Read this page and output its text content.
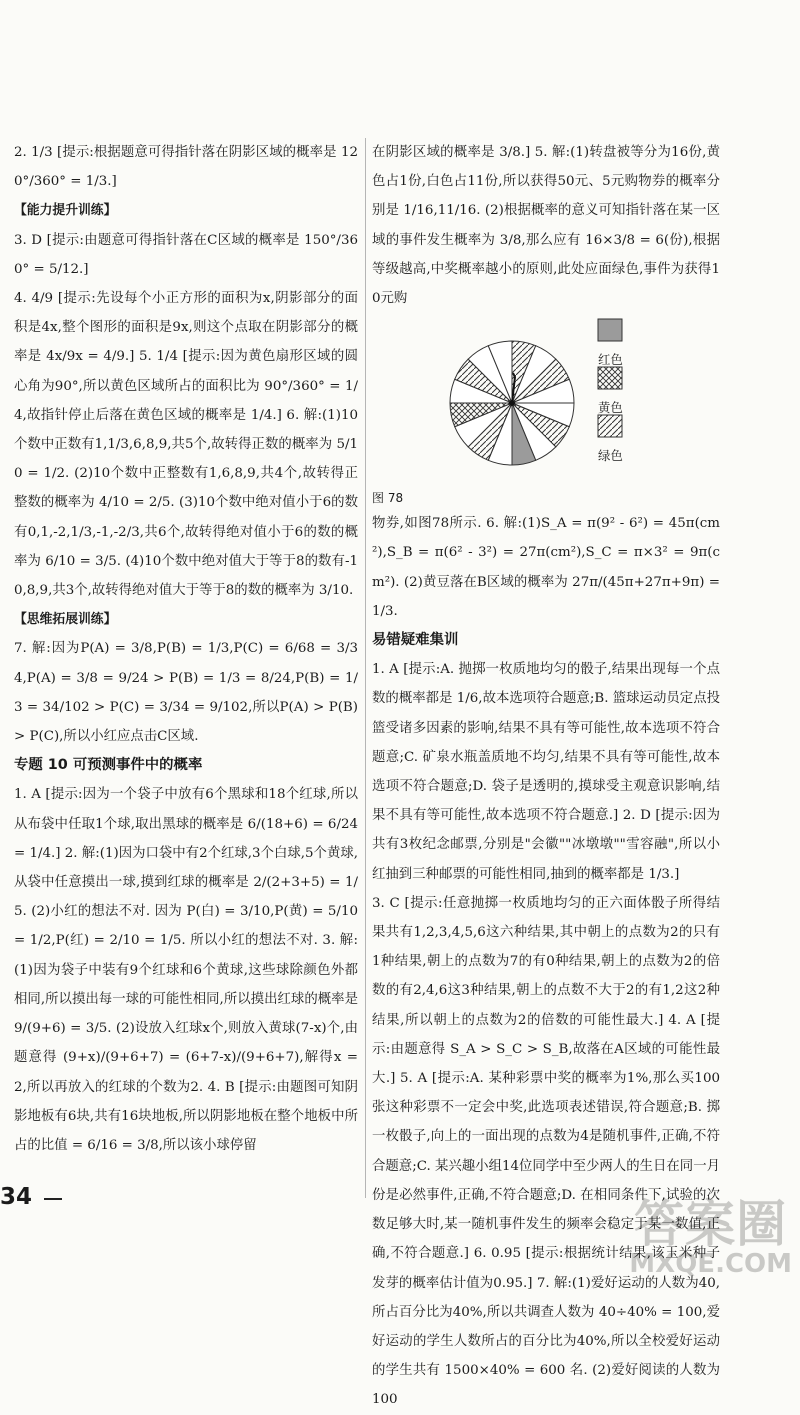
2. 1/3 [提示:根据题意可得指针落在阴影区域的概率是 120°/360° = 1/3.]

【能力提升训练】

3. D [提示:由题意可得指针落在C区域的概率是 150°/360° = 5/12.]

4. 4/9 [提示:先设每个小正方形的面积为x,阴影部分的面积是4x,整个图形的面积是9x,则这个点取在阴影部分的概率是 4x/9x = 4/9.] 5. 1/4 [提示:因为黄色扇形区域的圆心角为90°,所以黄色区域所占的面积比为 90°/360° = 1/4,故指针停止后落在黄色区域的概率是 1/4.] 6. 解:(1)10个数中正数有1,1/3,6,8,9,共5个,故转得正数的概率为 5/10 = 1/2. (2)10个数中正整数有1,6,8,9,共4个,故转得正整数的概率为 4/10 = 2/5. (3)10个数中绝对值小于6的数有0,1,-2,1/3,-1,-2/3,共6个,故转得绝对值小于6的数的概率为 6/10 = 3/5. (4)10个数中绝对值大于等于8的数有-10,8,9,共3个,故转得绝对值大于等于8的数的概率为 3/10.

【思维拓展训练】

7. 解:因为P(A) = 3/8,P(B) = 1/3,P(C) = 6/68 = 3/34,P(A) = 3/8 = 9/24 > P(B) = 1/3 = 8/24,P(B) = 1/3 = 34/102 > P(C) = 3/34 = 9/102,所以P(A) > P(B) > P(C),所以小红应点击C区域.

专题 10 可预测事件中的概率

1. A [提示:因为一个袋子中放有6个黑球和18个红球,所以从布袋中任取1个球,取出黑球的概率是 6/(18+6) = 6/24 = 1/4.] 2. 解:(1)因为口袋中有2个红球,3个白球,5个黄球,从袋中任意摸出一球,摸到红球的概率是 2/(2+3+5) = 1/5. (2)小红的想法不对. 因为 P(白) = 3/10,P(黄) = 5/10 = 1/2,P(红) = 2/10 = 1/5. 所以小红的想法不对. 3. 解:(1)因为袋子中装有9个红球和6个黄球,这些球除颜色外都相同,所以摸出每一球的可能性相同,所以摸出红球的概率是 9/(9+6) = 3/5. (2)设放入红球x个,则放入黄球(7-x)个,由题意得 (9+x)/(9+6+7) = (6+7-x)/(9+6+7),解得x = 2,所以再放入的红球的个数为2. 4. B [提示:由题图可知阴影地板有6块,共有16块地板,所以阴影地板在整个地板中所占的比值 = 6/16 = 3/8,所以该小球停留

在阴影区域的概率是 3/8.] 5. 解:(1)转盘被等分为16份,黄色占1份,白色占11份,所以获得50元、5元购物券的概率分别是 1/16,11/16. (2)根据概率的意义可知指针落在某一区域的事件发生概率为 3/8,那么应有 16×3/8 = 6(份),根据等级越高,中奖概率越小的原则,此处应面绿色,事件为获得10元购

红色
黄色
绿色

图 78

物券,如图78所示. 6. 解:(1)S_A = π(9² - 6²) = 45π(cm²),S_B = π(6² - 3²) = 27π(cm²),S_C = π×3² = 9π(cm²). (2)黄豆落在B区域的概率为 27π/(45π+27π+9π) = 1/3.

易错疑难集训

1. A [提示:A. 抛掷一枚质地均匀的骰子,结果出现每一个点数的概率都是 1/6,故本选项符合题意;B. 篮球运动员定点投篮受诸多因素的影响,结果不具有等可能性,故本选项不符合题意;C. 矿泉水瓶盖质地不均匀,结果不具有等可能性,故本选项不符合题意;D. 袋子是透明的,摸球受主观意识影响,结果不具有等可能性,故本选项不符合题意.] 2. D [提示:因为共有3枚纪念邮票,分别是"会徽""冰墩墩""雪容融",所以小红抽到三种邮票的可能性相同,抽到的概率都是 1/3.]

3. C [提示:任意抛掷一枚质地均匀的正六面体骰子所得结果共有1,2,3,4,5,6这六种结果,其中朝上的点数为2的只有1种结果,朝上的点数为7的有0种结果,朝上的点数为2的倍数的有2,4,6这3种结果,朝上的点数不大于2的有1,2这2种结果,所以朝上的点数为2的倍数的可能性最大.] 4. A [提示:由题意得 S_A > S_C > S_B,故落在A区域的可能性最大.] 5. A [提示:A. 某种彩票中奖的概率为1%,那么买100张这种彩票不一定会中奖,此选项表述错误,符合题意;B. 掷一枚骰子,向上的一面出现的点数为4是随机事件,正确,不符合题意;C. 某兴趣小组14位同学中至少两人的生日在同一月份是必然事件,正确,不符合题意;D. 在相同条件下,试验的次数足够大时,某一随机事件发生的频率会稳定于某一数值,正确,不符合题意.] 6. 0.95 [提示:根据统计结果,该玉米种子发芽的概率估计值为0.95.] 7. 解:(1)爱好运动的人数为40,所占百分比为40%,所以共调查人数为 40÷40% = 100,爱好运动的学生人数所占的百分比为40%,所以全校爱好运动的学生共有 1500×40% = 600 名. (2)爱好阅读的人数为100

34	答案圈
MXQE.COM
